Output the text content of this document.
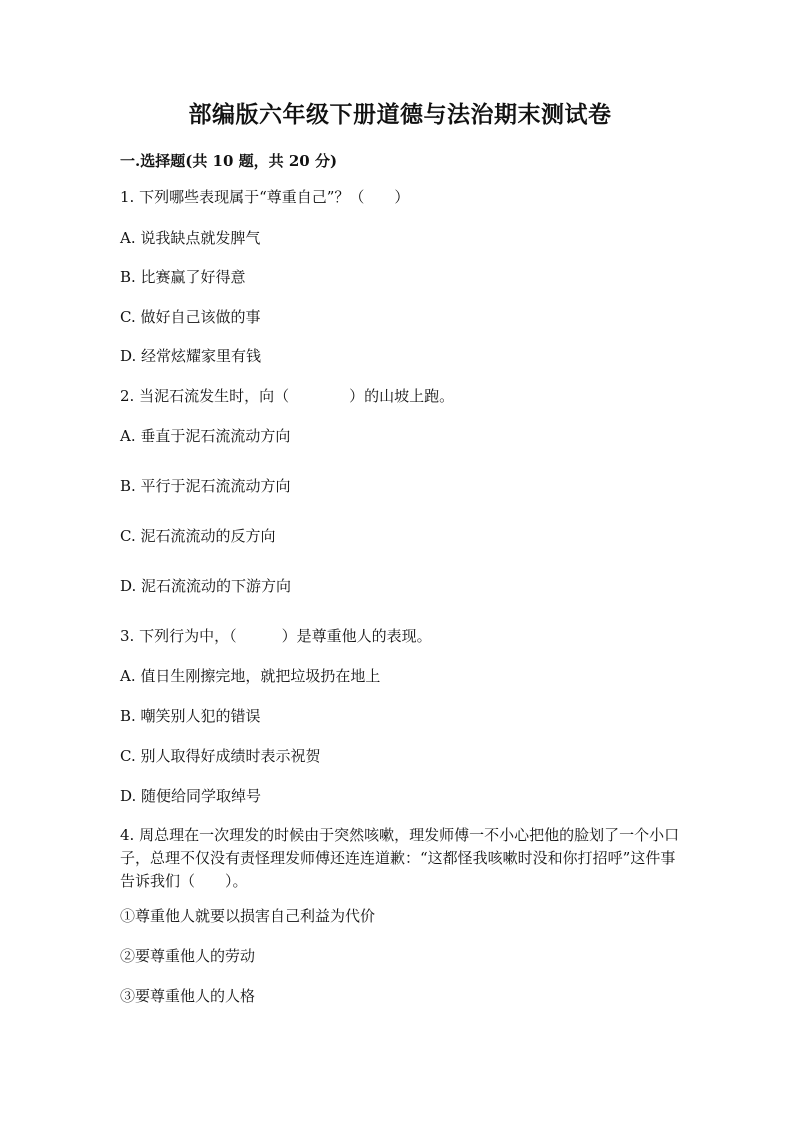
部编版六年级下册道德与法治期末测试卷
一.选择题(共 10 题，共 20 分)
1. 下列哪些表现属于“尊重自己”？（　　）
A. 说我缺点就发脾气
B. 比赛赢了好得意
C. 做好自己该做的事
D. 经常炫耀家里有钱
2. 当泥石流发生时，向（　　　　）的山坡上跑。
A. 垂直于泥石流流动方向
B. 平行于泥石流流动方向
C. 泥石流流动的反方向
D. 泥石流流动的下游方向
3. 下列行为中，（　　　）是尊重他人的表现。
A. 值日生刚擦完地，就把垃圾扔在地上
B. 嘲笑别人犯的错误
C. 别人取得好成绩时表示祝贺
D. 随便给同学取绰号
4. 周总理在一次理发的时候由于突然咳嗽，理发师傅一不小心把他的脸划了一个小口子，总理不仅没有责怪理发师傅还连连道歉：“这都怪我咳嗽时没和你打招呼”这件事告诉我们（　　）。
①尊重他人就要以损害自己利益为代价
②要尊重他人的劳动
③要尊重他人的人格
